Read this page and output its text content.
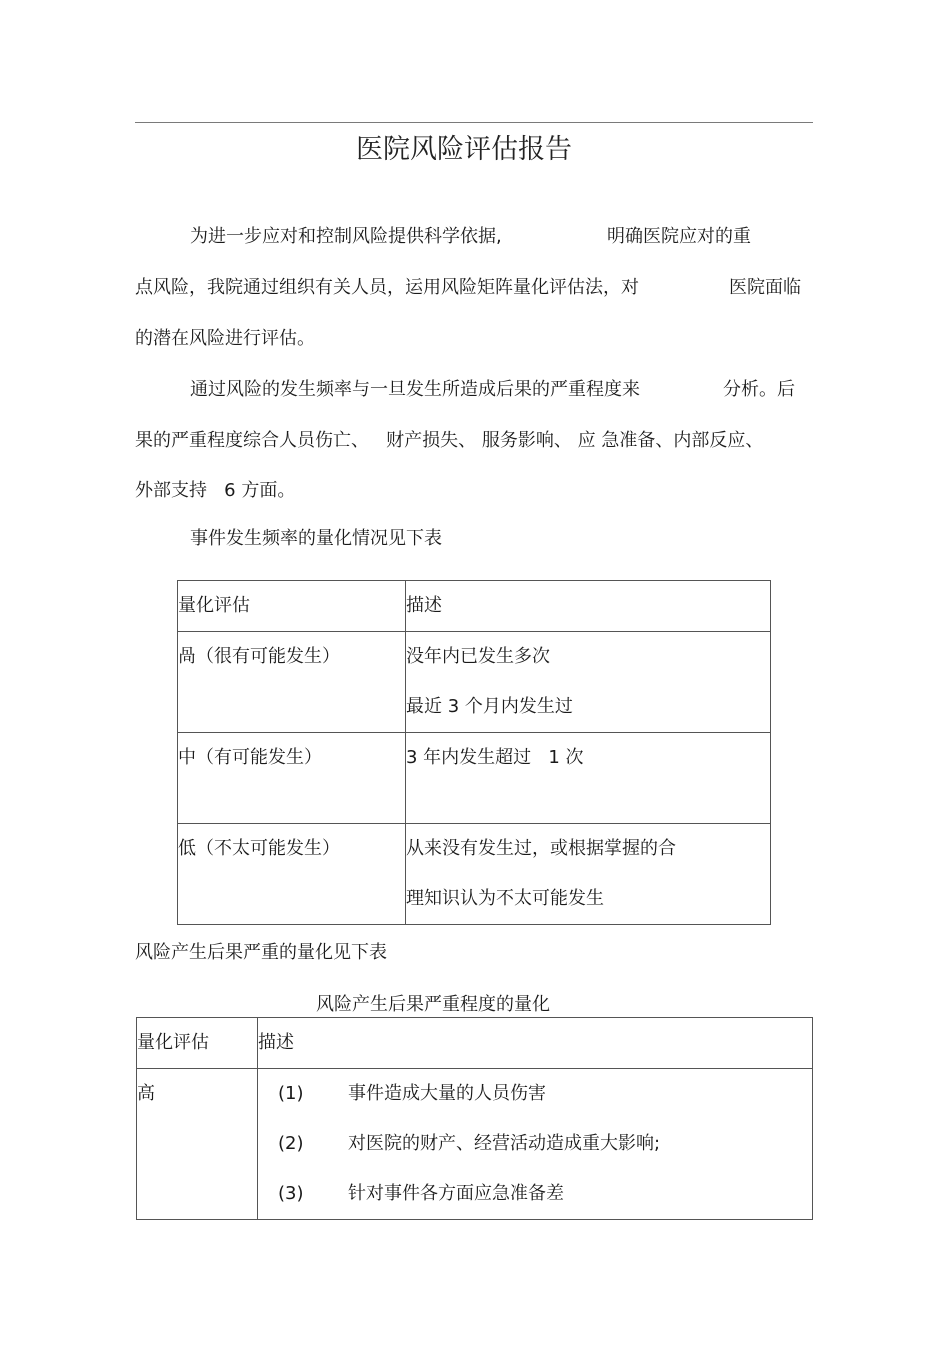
医院风险评估报告
为进一步应对和控制风险提供科学依据,	明确医院应对的重
点风险，我院通过组织有关人员，运用风险矩阵量化评估法，对	医院面临
的潜在风险进行评估。
通过风险的发生频率与一旦发生所造成后果的严重程度来	分析。后
果的严重程度综合人员伤亡、   财产损失、 服务影响、 应 急准备、内部反应、
外部支持   6 方面。
事件发生频率的量化情况见下表
量化评估	描述

咼（很有可能发生）	没年内已发生多次
最近 3 个月内发生过

中（有可能发生）	3 年内发生超过   1 次

低（不太可能发生）	从来没有发生过，或根据掌握的合
理知识认为不太可能发生
风险产生后果严重的量化见下表
风险产生后果严重程度的量化
量化评估	描述

高	(1) 事件造成大量的人员伤害
(2) 对医院的财产、经营活动造成重大影响;
(3) 针对事件各方面应急准备差
